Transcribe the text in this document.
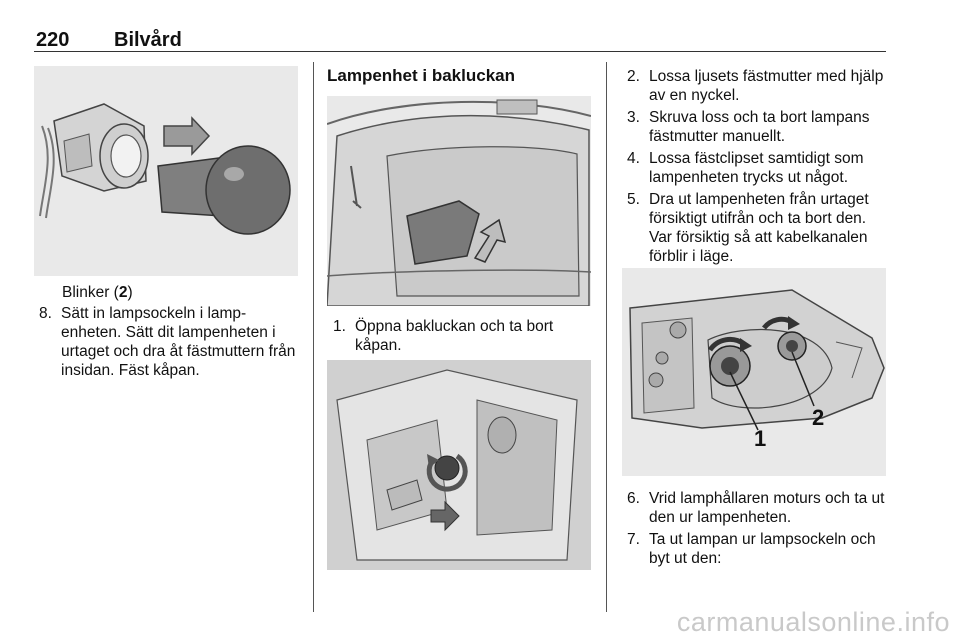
220 Bilvård
Blinker (2)
8. Sätt in lampsockeln i lamp-enheten. Sätt dit lampenheten i urtaget och dra åt fästmuttern från insidan. Fäst kåpan.
Lampenhet i bakluckan
1. Öppna bakluckan och ta bort kåpan.
2. Lossa ljusets fästmutter med hjälp av en nyckel.
3. Skruva loss och ta bort lampans fästmutter manuellt.
4. Lossa fästclipset samtidigt som lampenheten trycks ut något.
5. Dra ut lampenheten från urtaget försiktigt utifrån och ta bort den. Var försiktig så att kabelkanalen förblir i läge.
1
2
6. Vrid lamphållaren moturs och ta ut den ur lampenheten.
7. Ta ut lampan ur lampsockeln och byt ut den:
carmanualsonline.info
